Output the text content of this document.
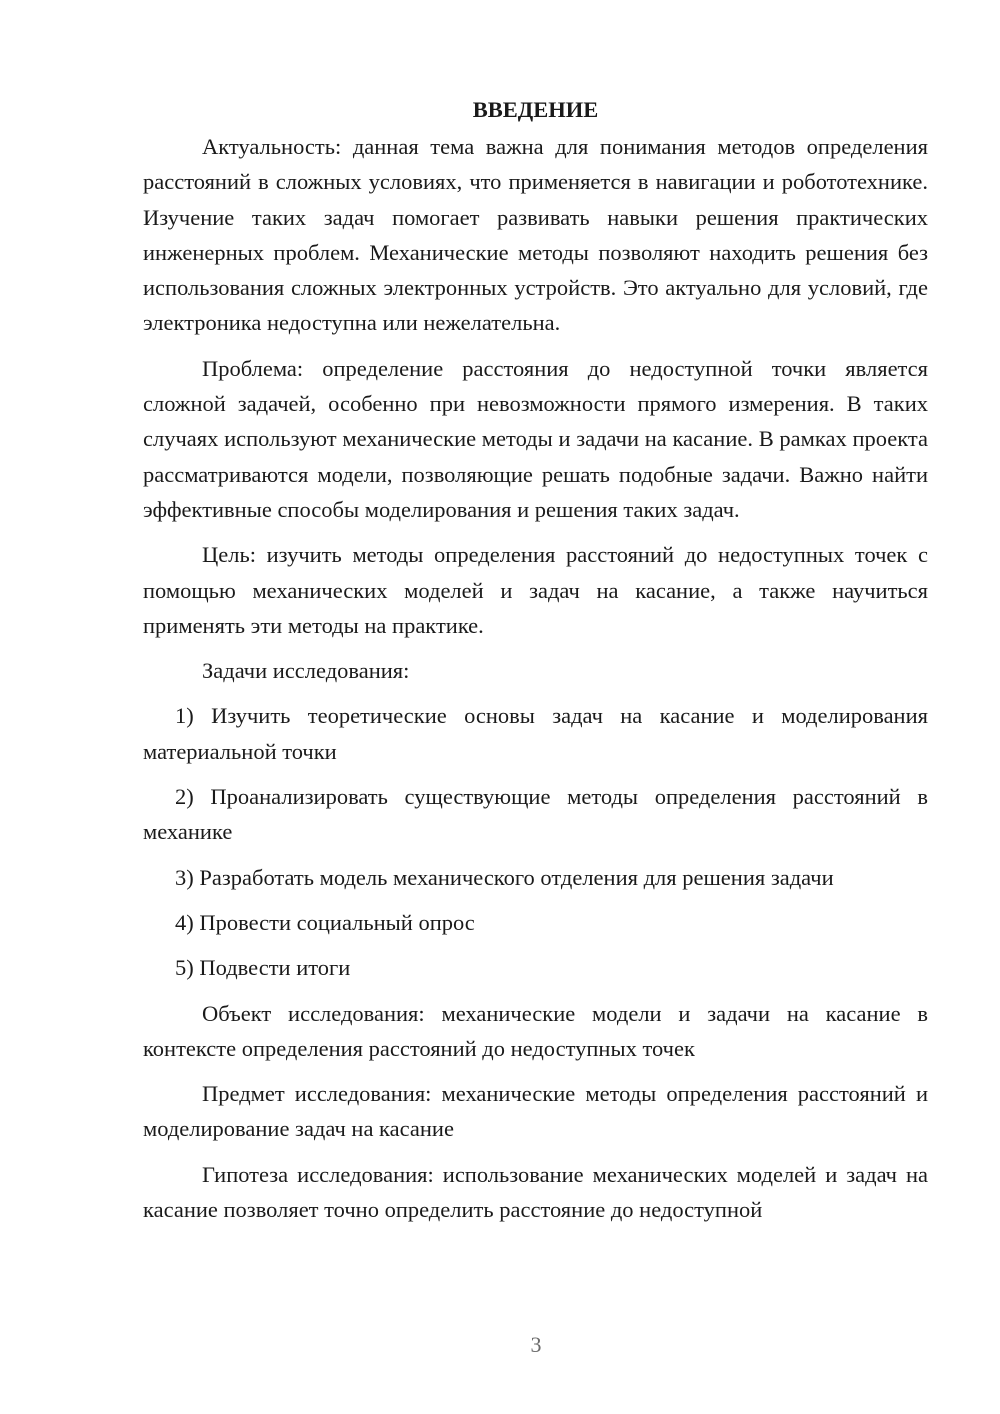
ВВЕДЕНИЕ

Актуальность: данная тема важна для понимания методов определения расстояний в сложных условиях, что применяется в навигации и робототехнике. Изучение таких задач помогает развивать навыки решения практических инженерных проблем. Механические методы позволяют находить решения без использования сложных электронных устройств. Это актуально для условий, где электроника недоступна или нежелательна.

Проблема: определение расстояния до недоступной точки является сложной задачей, особенно при невозможности прямого измерения. В таких случаях используют механические методы и задачи на касание. В рамках проекта рассматриваются модели, позволяющие решать подобные задачи. Важно найти эффективные способы моделирования и решения таких задач.

Цель: изучить методы определения расстояний до недоступных точек с помощью механических моделей и задач на касание, а также научиться применять эти методы на практике.

Задачи исследования:

1) Изучить теоретические основы задач на касание и моделирования материальной точки

2) Проанализировать существующие методы определения расстояний в механике

3) Разработать модель механического отделения для решения задачи

4) Провести социальный опрос

5) Подвести итоги

Объект исследования: механические модели и задачи на касание в контексте определения расстояний до недоступных точек

Предмет исследования: механические методы определения расстояний и моделирование задач на касание

Гипотеза исследования: использование механических моделей и задач на касание позволяет точно определить расстояние до недоступной

3
